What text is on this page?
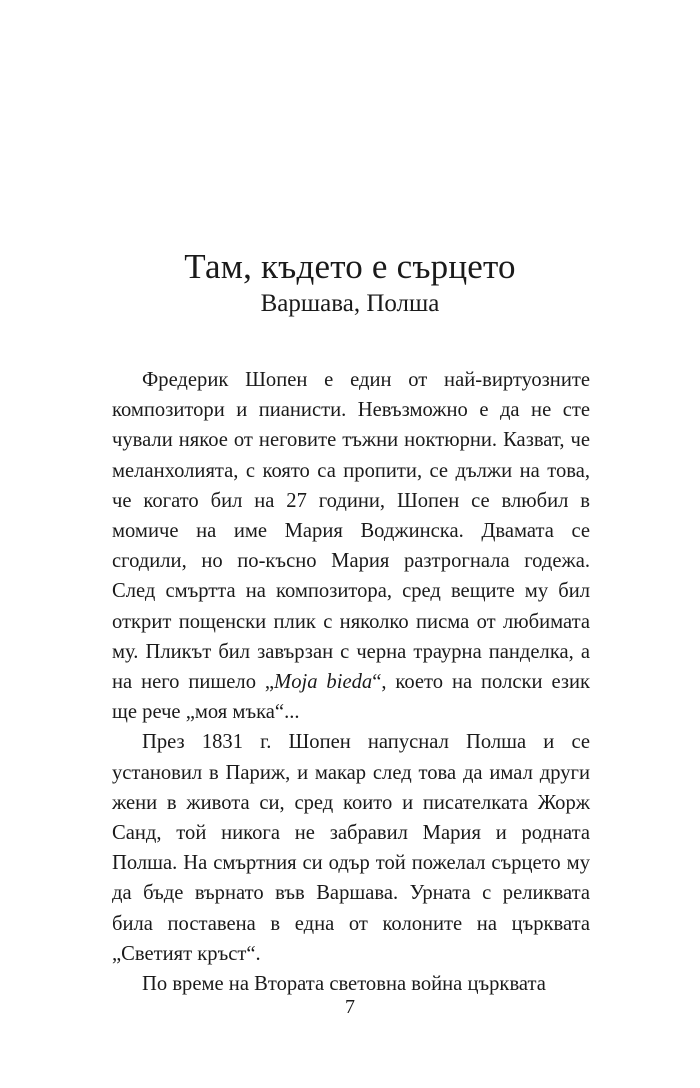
Там, където е сърцето
Варшава, Полша

Фредерик Шопен е един от най-виртуозните композитори и пианисти. Невъзможно е да не сте чували някое от неговите тъжни ноктюрни. Казват, че меланхолията, с която са пропити, се дължи на това, че когато бил на 27 години, Шопен се влюбил в момиче на име Мария Воджинска. Двамата се сгодили, но по-късно Мария разтрогнала годежа. След смъртта на композитора, сред вещите му бил открит пощенски плик с няколко писма от любимата му. Пликът бил завързан с черна траурна панделка, а на него пишело „Moja bieda“, което на полски език ще рече „моя мъка“...

През 1831 г. Шопен напуснал Полша и се установил в Париж, и макар след това да имал други жени в живота си, сред които и писателката Жорж Санд, той никога не забравил Мария и родната Полша. На смъртния си одър той пожелал сърцето му да бъде върнато във Варшава. Урната с реликвата била поставена в една от колоните на църквата „Светият кръст“.

По време на Втората световна война църквата

7
